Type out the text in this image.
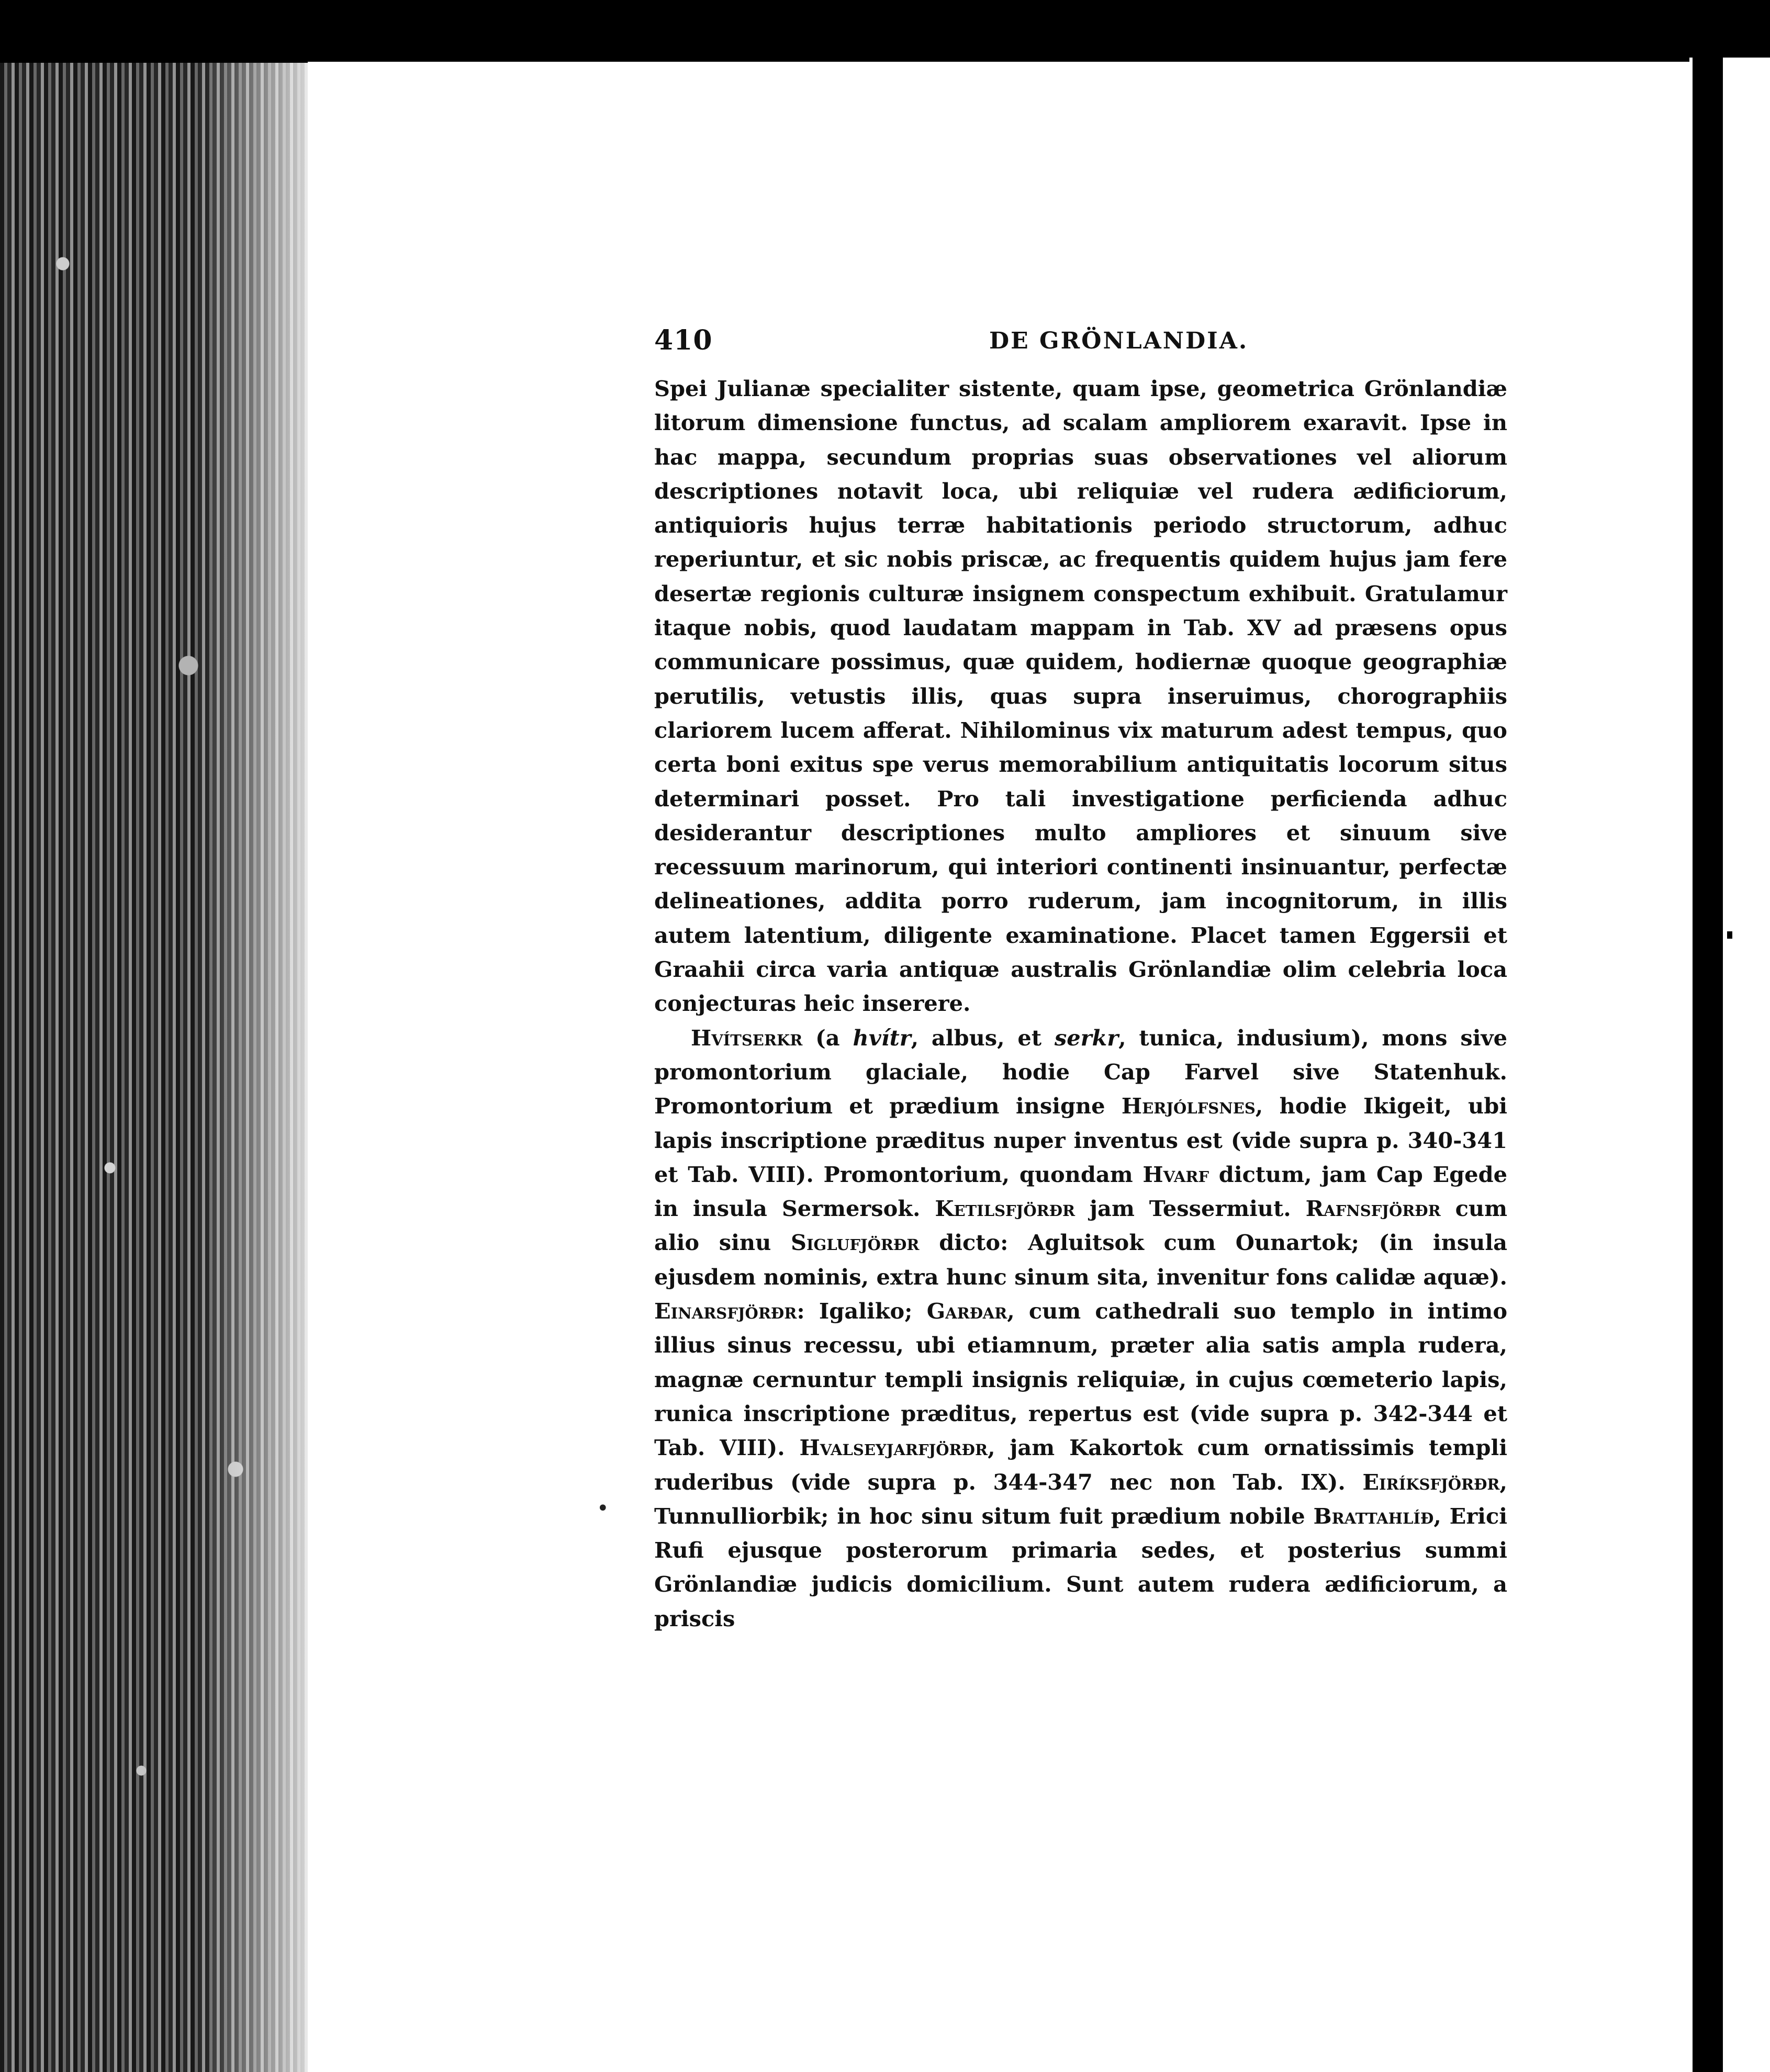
410	DE GRÖNLANDIA.

Spei Julianæ specialiter sistente, quam ipse, geometrica Grönlandiæ litorum dimensione functus, ad scalam ampliorem exaravit. Ipse in hac mappa, secundum proprias suas observationes vel aliorum descriptiones notavit loca, ubi reliquiæ vel rudera ædificiorum, antiquioris hujus terræ habitationis periodo structorum, adhuc reperiuntur, et sic nobis priscæ, ac frequentis quidem hujus jam fere desertæ regionis culturæ insignem conspectum exhibuit. Gratulamur itaque nobis, quod laudatam mappam in Tab. XV ad præsens opus communicare possimus, quæ quidem, hodiernæ quoque geographiæ perutilis, vetustis illis, quas supra inseruimus, chorographiis clariorem lucem afferat. Nihilominus vix maturum adest tempus, quo certa boni exitus spe verus memorabilium antiquitatis locorum situs determinari posset. Pro tali investigatione perficienda adhuc desiderantur descriptiones multo ampliores et sinuum sive recessuum marinorum, qui interiori continenti insinuantur, perfectæ delineationes, addita porro ruderum, jam incognitorum, in illis autem latentium, diligente examinatione. Placet tamen Eggersii et Graahii circa varia antiquæ australis Grönlandiæ olim celebria loca conjecturas heic inserere.

Hvítserkr (a hvítr, albus, et serkr, tunica, indusium), mons sive promontorium glaciale, hodie Cap Farvel sive Statenhuk. Promontorium et prædium insigne Herjólfsnes, hodie Ikigeit, ubi lapis inscriptione præditus nuper inventus est (vide supra p. 340-341 et Tab. VIII). Promontorium, quondam Hvarf dictum, jam Cap Egede in insula Sermersok. Ketilsfjörðr jam Tessermiut. Rafnsfjörðr cum alio sinu Siglufjörðr dicto: Agluitsok cum Ounartok; (in insula ejusdem nominis, extra hunc sinum sita, invenitur fons calidæ aquæ). Einarsfjörðr: Igaliko; Garðar, cum cathedrali suo templo in intimo illius sinus recessu, ubi etiamnum, præter alia satis ampla rudera, magnæ cernuntur templi insignis reliquiæ, in cujus cœmeterio lapis, runica inscriptione præditus, repertus est (vide supra p. 342-344 et Tab. VIII). Hvalseyjarfjörðr, jam Kakortok cum ornatissimis templi ruderibus (vide supra p. 344-347 nec non Tab. IX). Eiríksfjörðr, Tunnulliorbik; in hoc sinu situm fuit prædium nobile Brattahlíð, Erici Rufi ejusque posterorum primaria sedes, et posterius summi Grönlandiæ judicis domicilium. Sunt autem rudera ædificiorum, a priscis

•
